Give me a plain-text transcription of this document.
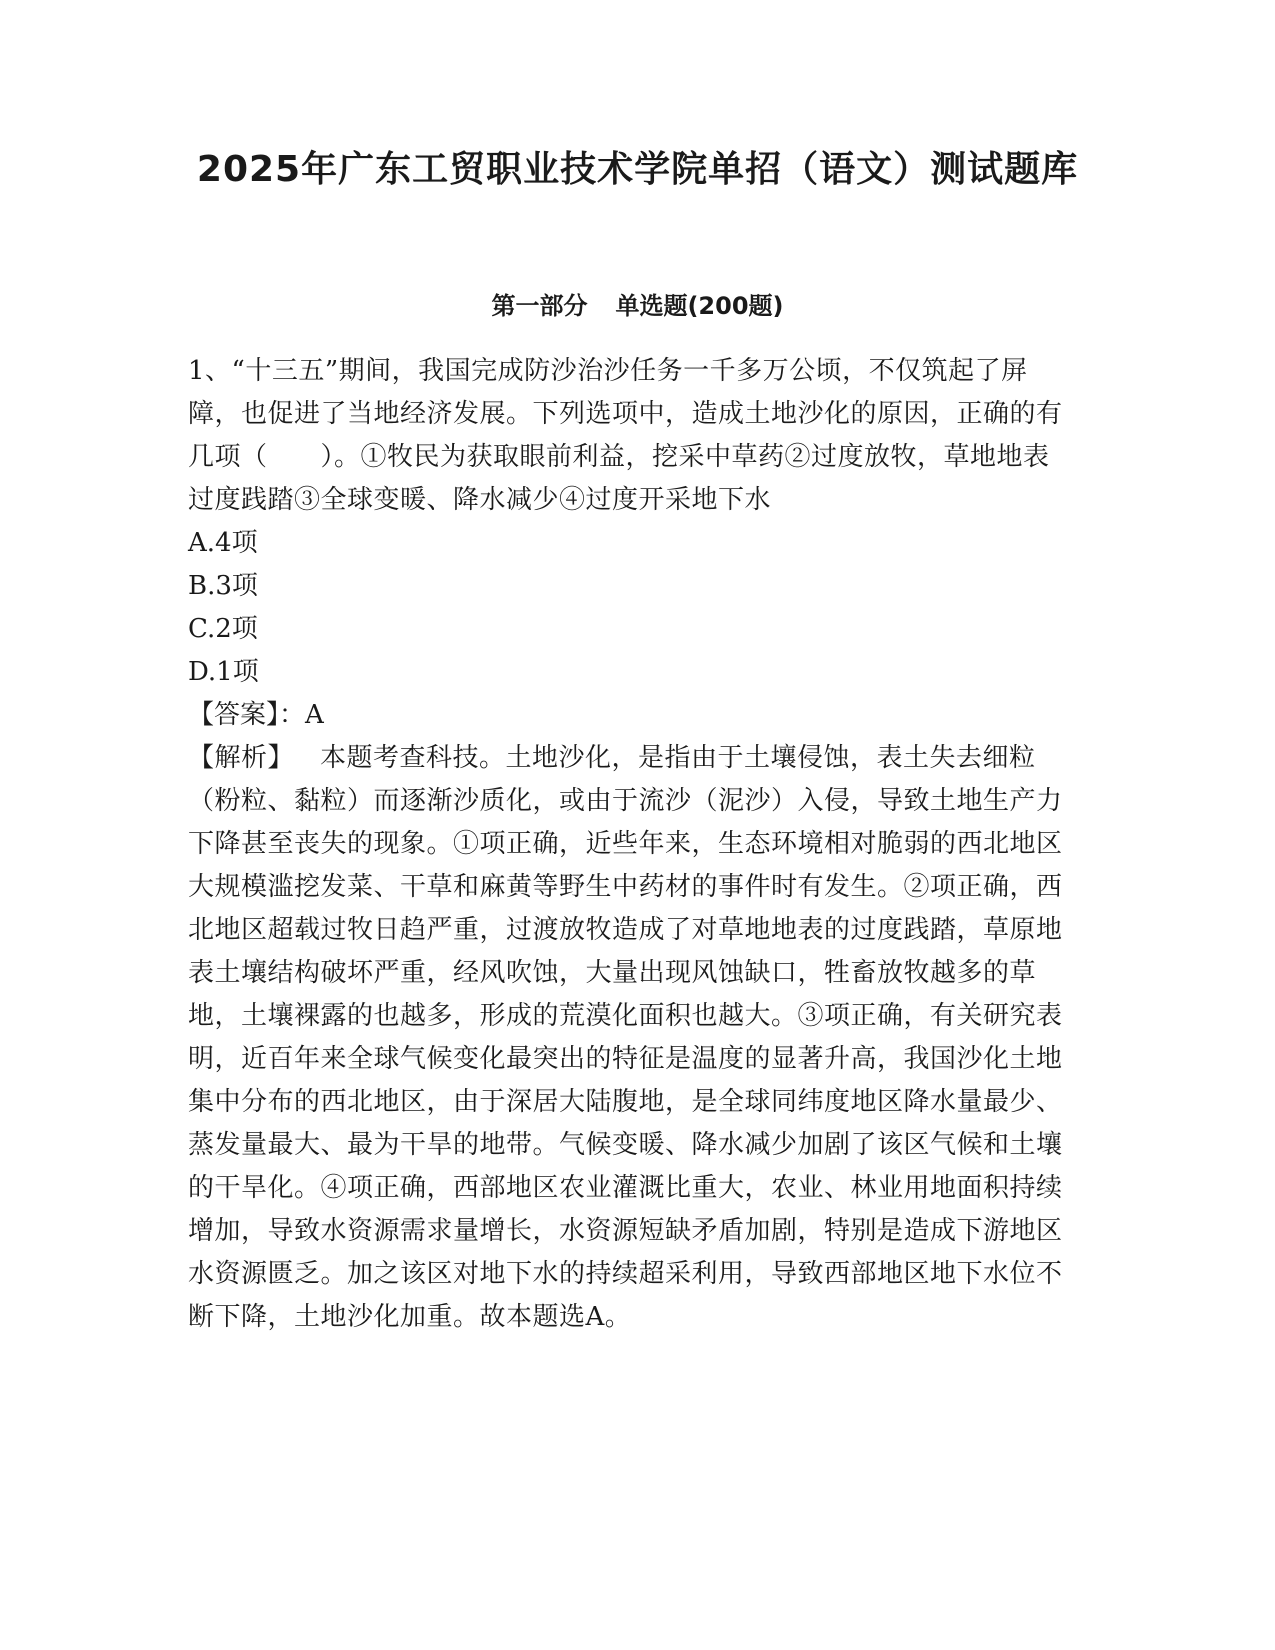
2025年广东工贸职业技术学院单招（语文）测试题库
第一部分 单选题(200题)

1、“十三五”期间，我国完成防沙治沙任务一千多万公顷，不仅筑起了屏障，也促进了当地经济发展。下列选项中，造成土地沙化的原因，正确的有几项（　　）。①牧民为获取眼前利益，挖采中草药②过度放牧，草地地表过度践踏③全球变暖、降水减少④过度开采地下水

A.4项

B.3项

C.2项

D.1项

【答案】：A

【解析】 本题考查科技。土地沙化，是指由于土壤侵蚀，表土失去细粒（粉粒、黏粒）而逐渐沙质化，或由于流沙（泥沙）入侵，导致土地生产力下降甚至丧失的现象。①项正确，近些年来，生态环境相对脆弱的西北地区大规模滥挖发菜、干草和麻黄等野生中药材的事件时有发生。②项正确，西北地区超载过牧日趋严重，过渡放牧造成了对草地地表的过度践踏，草原地表土壤结构破坏严重，经风吹蚀，大量出现风蚀缺口，牲畜放牧越多的草地，土壤裸露的也越多，形成的荒漠化面积也越大。③项正确，有关研究表明，近百年来全球气候变化最突出的特征是温度的显著升高，我国沙化土地集中分布的西北地区，由于深居大陆腹地，是全球同纬度地区降水量最少、蒸发量最大、最为干旱的地带。气候变暖、降水减少加剧了该区气候和土壤的干旱化。④项正确，西部地区农业灌溉比重大，农业、林业用地面积持续增加，导致水资源需求量增长，水资源短缺矛盾加剧，特别是造成下游地区水资源匮乏。加之该区对地下水的持续超采利用，导致西部地区地下水位不断下降，土地沙化加重。故本题选A。
